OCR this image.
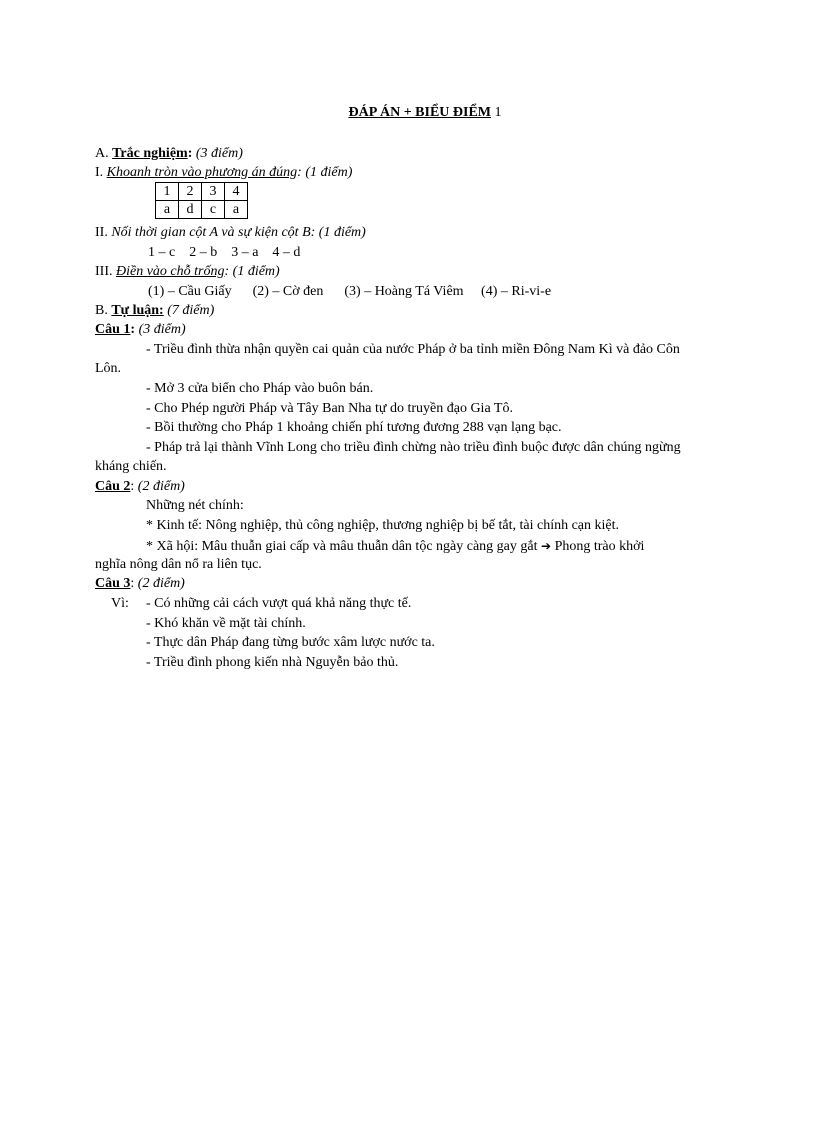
ĐÁP ÁN + BIỂU ĐIỂM 1
A. Trắc nghiệm: (3 điểm)
I. Khoanh tròn vào phương án đúng: (1 điểm)
1	2	3	4
a	d	c	a
II. Nối thời gian cột A và sự kiện cột B: (1 điểm)
1 – c    2 – b    3 – a    4 – d
III. Điền vào chỗ trống: (1 điểm)
(1) – Cầu Giấy (2) – Cờ đen (3) – Hoàng Tá Viêm (4) – Ri-vi-e
B. Tự luận: (7 điểm)
Câu 1: (3 điểm)
- Triều đình thừa nhận quyền cai quản của nước Pháp ở ba tỉnh miền Đông Nam Kì và đảo Côn
Lôn.
- Mở 3 cửa biển cho Pháp vào buôn bán.
- Cho Phép người Pháp và Tây Ban Nha tự do truyền đạo Gia Tô.
- Bồi thường cho Pháp 1 khoảng chiến phí tương đương 288 vạn lạng bạc.
- Pháp trả lại thành Vĩnh Long cho triều đình chừng nào triều đình buộc được dân chúng ngừng
kháng chiến.
Câu 2: (2 điểm)
Những nét chính:
* Kinh tế: Nông nghiệp, thủ công nghiệp, thương nghiệp bị bế tắt, tài chính cạn kiệt.
* Xã hội: Mâu thuẫn giai cấp và mâu thuẫn dân tộc ngày càng gay gắt ➔ Phong trào khởi
nghĩa nông dân nổ ra liên tục.
Câu 3: (2 điểm)
Vì: - Có những cải cách vượt quá khả năng thực tế.
- Khó khăn về mặt tài chính.
- Thực dân Pháp đang từng bước xâm lược nước ta.
- Triều đình phong kiến nhà Nguyễn bảo thủ.
